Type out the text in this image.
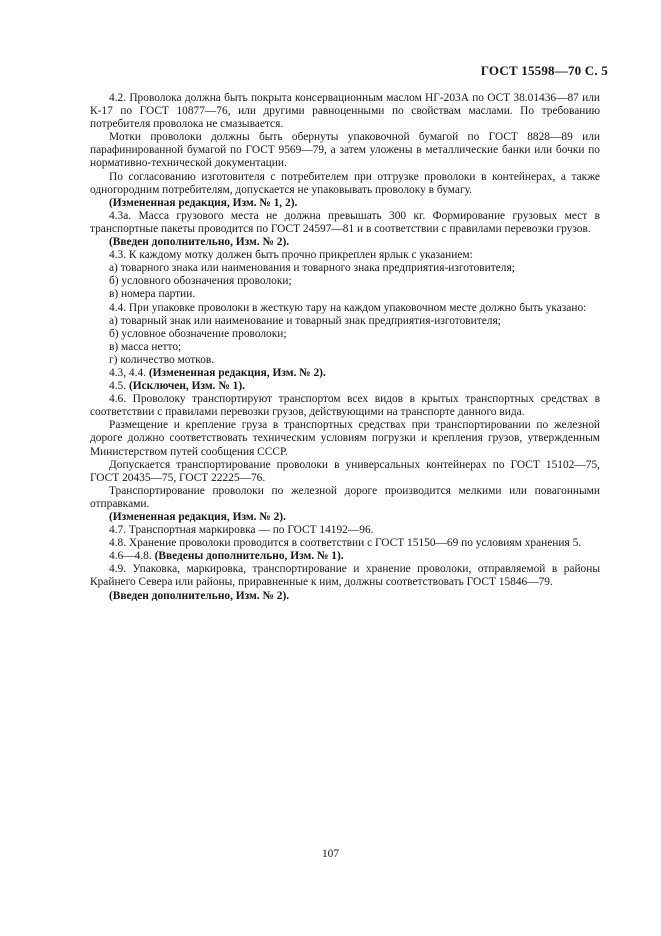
ГОСТ 15598—70 С. 5

4.2. Проволока должна быть покрыта консервационным маслом НГ-203А по ОСТ 38.01436—87 или К-17 по ГОСТ 10877—76, или другими равноценными по свойствам маслами. По требованию потребителя проволока не смазывается.

Мотки проволоки должны быть обернуты упаковочной бумагой по ГОСТ 8828—89 или парафинированной бумагой по ГОСТ 9569—79, а затем уложены в металлические банки или бочки по нормативно-технической документации.

По согласованию изготовителя с потребителем при отгрузке проволоки в контейнерах, а также одногородним потребителям, допускается не упаковывать проволоку в бумагу.

(Измененная редакция, Изм. № 1, 2).

4.3а. Масса грузового места не должна превышать 300 кг. Формирование грузовых мест в транспортные пакеты проводится по ГОСТ 24597—81 и в соответствии с правилами перевозки грузов.

(Введен дополнительно, Изм. № 2).

4.3. К каждому мотку должен быть прочно прикреплен ярлык с указанием:

а) товарного знака или наименования и товарного знака предприятия-изготовителя;

б) условного обозначения проволоки;

в) номера партии.

4.4. При упаковке проволоки в жесткую тару на каждом упаковочном месте должно быть указано:

а) товарный знак или наименование и товарный знак предприятия-изготовителя;

б) условное обозначение проволоки;

в) масса нетто;

г) количество мотков.

4.3, 4.4. (Измененная редакция, Изм. № 2).

4.5. (Исключен, Изм. № 1).

4.6. Проволоку транспортируют транспортом всех видов в крытых транспортных средствах в соответствии с правилами перевозки грузов, действующими на транспорте данного вида.

Размещение и крепление груза в транспортных средствах при транспортировании по железной дороге должно соответствовать техническим условиям погрузки и крепления грузов, утвержденным Министерством путей сообщения СССР.

Допускается транспортирование проволоки в универсальных контейнерах по ГОСТ 15102—75, ГОСТ 20435—75, ГОСТ 22225—76.

Транспортирование проволоки по железной дороге производится мелкими или повагонными отправками.

(Измененная редакция, Изм. № 2).

4.7. Транспортная маркировка — по ГОСТ 14192—96.

4.8. Хранение проволоки проводится в соответствии с ГОСТ 15150—69 по условиям хранения 5.

4.6—4.8. (Введены дополнительно, Изм. № 1).

4.9. Упаковка, маркировка, транспортирование и хранение проволоки, отправляемой в районы Крайнего Севера или районы, приравненные к ним, должны соответствовать ГОСТ 15846—79.

(Введен дополнительно, Изм. № 2).

107
